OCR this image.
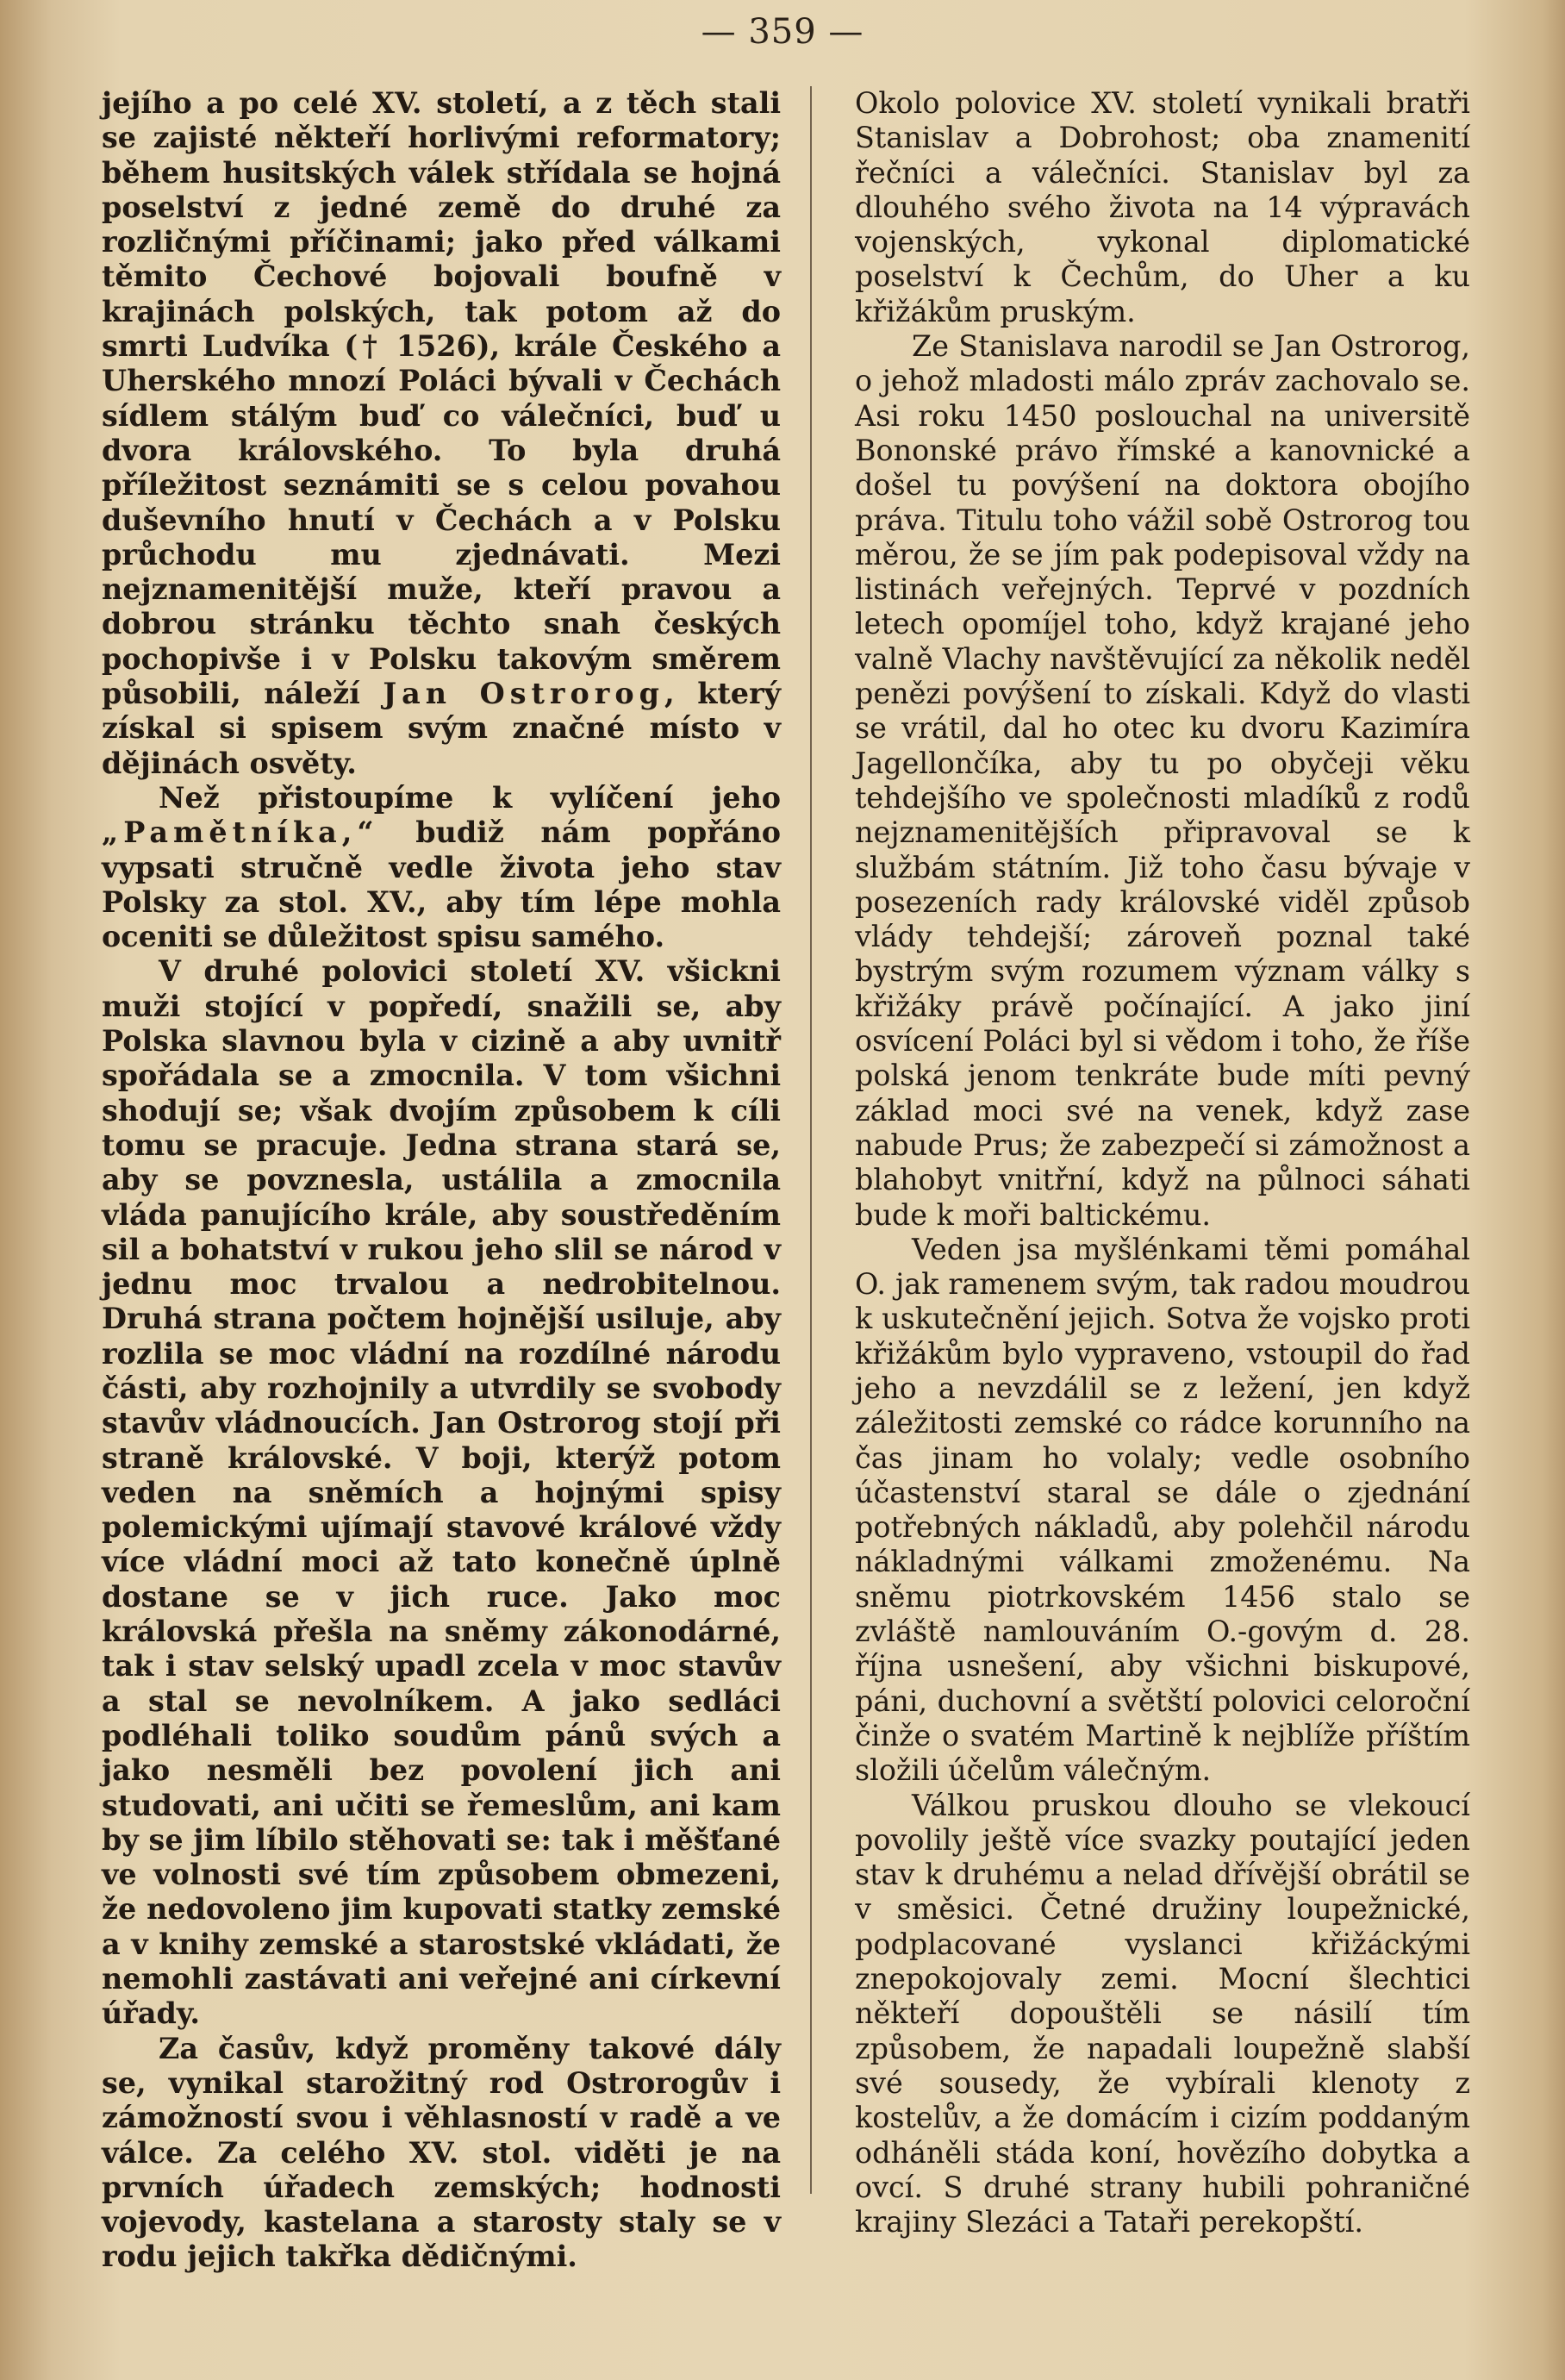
— 359 —

jejího a po celé XV. století, a z těch stali se zajisté někteří horlivými reformatory; během husitských válek střídala se hojná poselství z jedné země do druhé za rozličnými příčinami; jako před válkami těmito Čechové bojovali boufně v krajinách polských, tak potom až do smrti Ludvíka († 1526), krále Českého a Uherského mnozí Poláci bývali v Čechách sídlem stálým buď co válečníci, buď u dvora královského. To byla druhá příležitost seznámiti se s celou povahou duševního hnutí v Čechách a v Polsku průchodu mu zjednávati. Mezi nejznamenitější muže, kteří pravou a dobrou stránku těchto snah českých pochopivše i v Polsku takovým směrem působili, náleží Jan Ostrorog, který získal si spisem svým značné místo v dějinách osvěty.

Než přistoupíme k vylíčení jeho „Pamětníka,“ budiž nám popřáno vypsati stručně vedle života jeho stav Polsky za stol. XV., aby tím lépe mohla oceniti se důležitost spisu samého.

V druhé polovici století XV. všickni muži stojící v popředí, snažili se, aby Polska slavnou byla v cizině a aby uvnitř spořádala se a zmocnila. V tom všichni shodují se; však dvojím způsobem k cíli tomu se pracuje. Jedna strana stará se, aby se povznesla, ustálila a zmocnila vláda panujícího krále, aby soustředěním sil a bohatství v rukou jeho slil se národ v jednu moc trvalou a nedrobitelnou. Druhá strana počtem hojnější usiluje, aby rozlila se moc vládní na rozdílné národu části, aby rozhojnily a utvrdily se svobody stavův vládnoucích. Jan Ostrorog stojí při straně královské. V boji, kterýž potom veden na sněmích a hojnými spisy polemickými ujímají stavové králové vždy více vládní moci až tato konečně úplně dostane se v jich ruce. Jako moc královská přešla na sněmy zákonodárné, tak i stav selský upadl zcela v moc stavův a stal se nevolníkem. A jako sedláci podléhali toliko soudům pánů svých a jako nesměli bez povolení jich ani studovati, ani učiti se řemeslům, ani kam by se jim líbilo stěhovati se: tak i měšťané ve volnosti své tím způsobem obmezeni, že nedovoleno jim kupovati statky zemské a v knihy zemské a starostské vkládati, že nemohli zastávati ani veřejné ani církevní úřady.

Za časův, když proměny takové dály se, vynikal starožitný rod Ostrorogův i zámožností svou i věhlasností v radě a ve válce. Za celého XV. stol. viděti je na prvních úřadech zemských; hodnosti vojevody, kastelana a starosty staly se v rodu jejich takřka dědičnými.

Okolo polovice XV. století vynikali bratři Stanislav a Dobrohost; oba znamenití řečníci a válečníci. Stanislav byl za dlouhého svého života na 14 výpravách vojenských, vykonal diplomatické poselství k Čechům, do Uher a ku křižákům pruským.

Ze Stanislava narodil se Jan Ostrorog, o jehož mladosti málo zpráv zachovalo se. Asi roku 1450 poslouchal na universitě Bononské právo římské a kanovnické a došel tu povýšení na doktora obojího práva. Titulu toho vážil sobě Ostrorog tou měrou, že se jím pak podepisoval vždy na listinách veřejných. Teprvé v pozdních letech opomíjel toho, když krajané jeho valně Vlachy navštěvující za několik neděl penězi povýšení to získali. Když do vlasti se vrátil, dal ho otec ku dvoru Kazimíra Jagellončíka, aby tu po obyčeji věku tehdejšího ve společnosti mladíků z rodů nejznamenitějších připravoval se k službám státním. Již toho času bývaje v posezeních rady královské viděl způsob vlády tehdejší; zároveň poznal také bystrým svým rozumem význam války s křižáky právě počínající. A jako jiní osvícení Poláci byl si vědom i toho, že říše polská jenom tenkráte bude míti pevný základ moci své na venek, když zase nabude Prus; že zabezpečí si zámožnost a blahobyt vnitřní, když na půlnoci sáhati bude k moři baltickému.

Veden jsa myšlénkami těmi pomáhal O. jak ramenem svým, tak radou moudrou k uskutečnění jejich. Sotva že vojsko proti křižákům bylo vypraveno, vstoupil do řad jeho a nevzdálil se z ležení, jen když záležitosti zemské co rádce korunního na čas jinam ho volaly; vedle osobního účastenství staral se dále o zjednání potřebných nákladů, aby polehčil národu nákladnými válkami zmoženému. Na sněmu piotrkovském 1456 stalo se zvláště namlouváním O.-govým d. 28. října usnešení, aby všichni biskupové, páni, duchovní a světští polovici celoroční činže o svatém Martině k nejblíže příštím složili účelům válečným.

Válkou pruskou dlouho se vlekoucí povolily ještě více svazky poutající jeden stav k druhému a nelad dřívější obrátil se v směsici. Četné družiny loupežnické, podplacované vyslanci křižáckými znepokojovaly zemi. Mocní šlechtici někteří dopouštěli se násilí tím způsobem, že napadali loupežně slabší své sousedy, že vybírali klenoty z kostelův, a že domácím i cizím poddaným odháněli stáda koní, hovězího dobytka a ovcí. S druhé strany hubili pohraničné krajiny Slezáci a Tataři perekopští.
